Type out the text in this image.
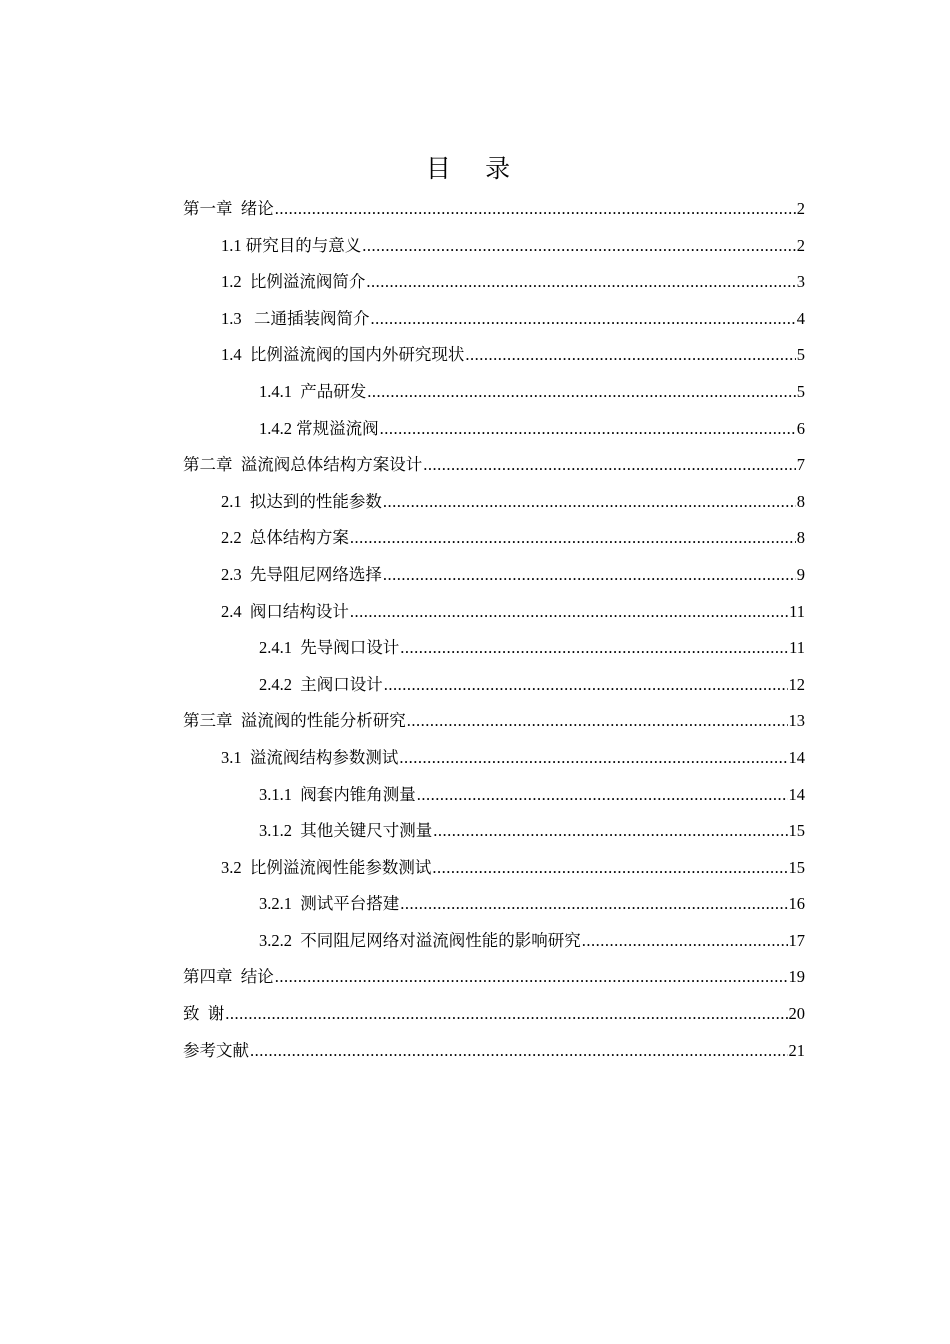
目 录
第一章  绪论 .....	2
1.1 研究目的与意义 .....	2
1.2  比例溢流阀简介 .....	3
1.3   二通插装阀简介 .....	4
1.4  比例溢流阀的国内外研究现状 .....	5
1.4.1  产品研发 .....	5
1.4.2 常规溢流阀 .....	6
第二章  溢流阀总体结构方案设计 .....	7
2.1  拟达到的性能参数 .....	8
2.2  总体结构方案 .....	8
2.3  先导阻尼网络选择 .....	9
2.4  阀口结构设计 .....	11
2.4.1  先导阀口设计 .....	11
2.4.2  主阀口设计 .....	12
第三章  溢流阀的性能分析研究 .....	13
3.1  溢流阀结构参数测试 .....	14
3.1.1  阀套内锥角测量 .....	14
3.1.2  其他关键尺寸测量 .....	15
3.2  比例溢流阀性能参数测试 .....	15
3.2.1  测试平台搭建 .....	16
3.2.2  不同阻尼网络对溢流阀性能的影响研究 .....	17
第四章  结论 .....	19
致  谢 .....	20
参考文献 .....	21
